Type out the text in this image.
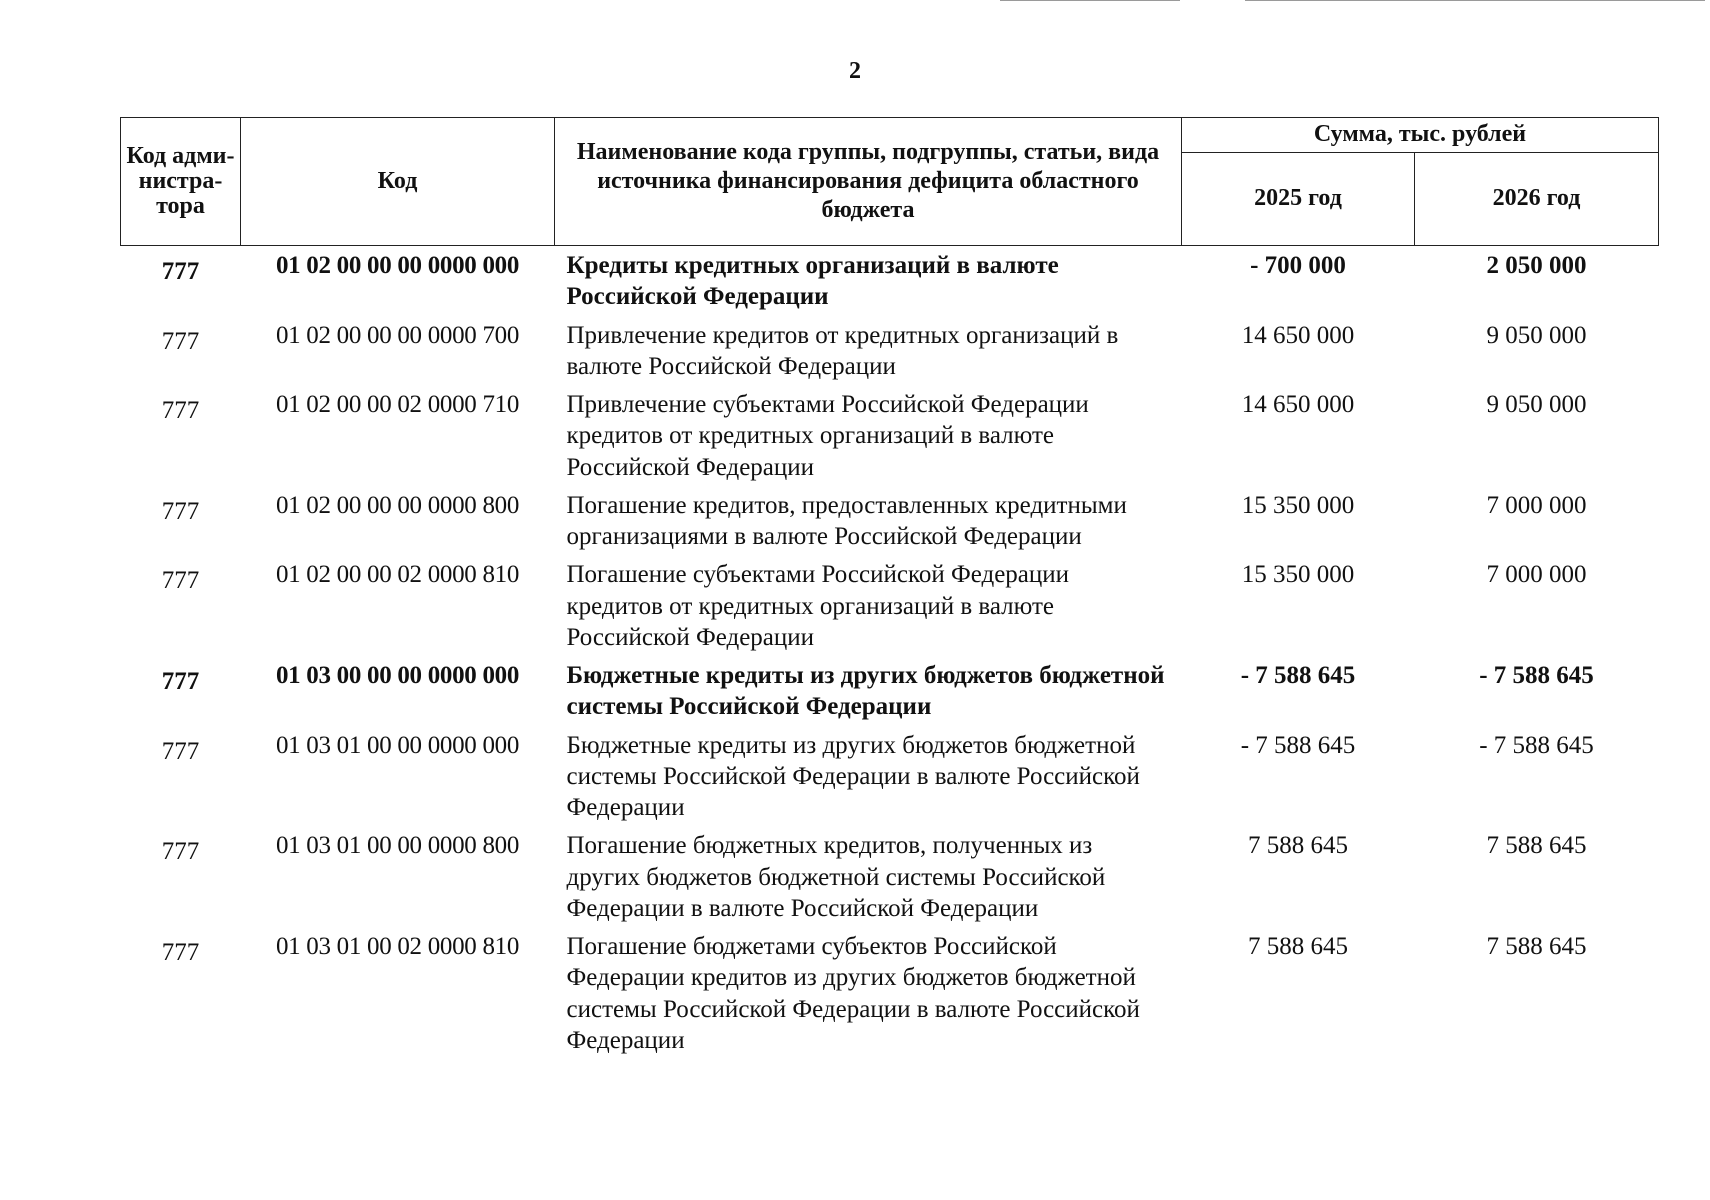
2
Код адми-нистра-тора	Код	Наименование кода группы, подгруппы, статьи, вида источника финансирования дефицита областного бюджета	Сумма, тыс. рублей	
			2025 год	2026 год
777	01 02 00 00 00 0000 000	Кредиты кредитных организаций в валюте Российской Федерации	- 700 000	2 050 000
777	01 02 00 00 00 0000 700	Привлечение кредитов от кредитных организаций в валюте Российской Федерации	14 650 000	9 050 000
777	01 02 00 00 02 0000 710	Привлечение субъектами Российской Федерации кредитов от кредитных организаций в валюте Российской Федерации	14 650 000	9 050 000
777	01 02 00 00 00 0000 800	Погашение кредитов, предоставленных кредитными организациями в валюте Российской Федерации	15 350 000	7 000 000
777	01 02 00 00 02 0000 810	Погашение субъектами Российской Федерации кредитов от кредитных организаций в валюте Российской Федерации	15 350 000	7 000 000
777	01 03 00 00 00 0000 000	Бюджетные кредиты из других бюджетов бюджетной системы Российской Федерации	- 7 588 645	- 7 588 645
777	01 03 01 00 00 0000 000	Бюджетные кредиты из других бюджетов бюджетной системы Российской Федерации в валюте Российской Федерации	- 7 588 645	- 7 588 645
777	01 03 01 00 00 0000 800	Погашение бюджетных кредитов, полученных из других бюджетов бюджетной системы Российской Федерации в валюте Российской Федерации	7 588 645	7 588 645
777	01 03 01 00 02 0000 810	Погашение бюджетами субъектов Российской Федерации кредитов из других бюджетов бюджетной системы Российской Федерации в валюте Российской Федерации	7 588 645	7 588 645
